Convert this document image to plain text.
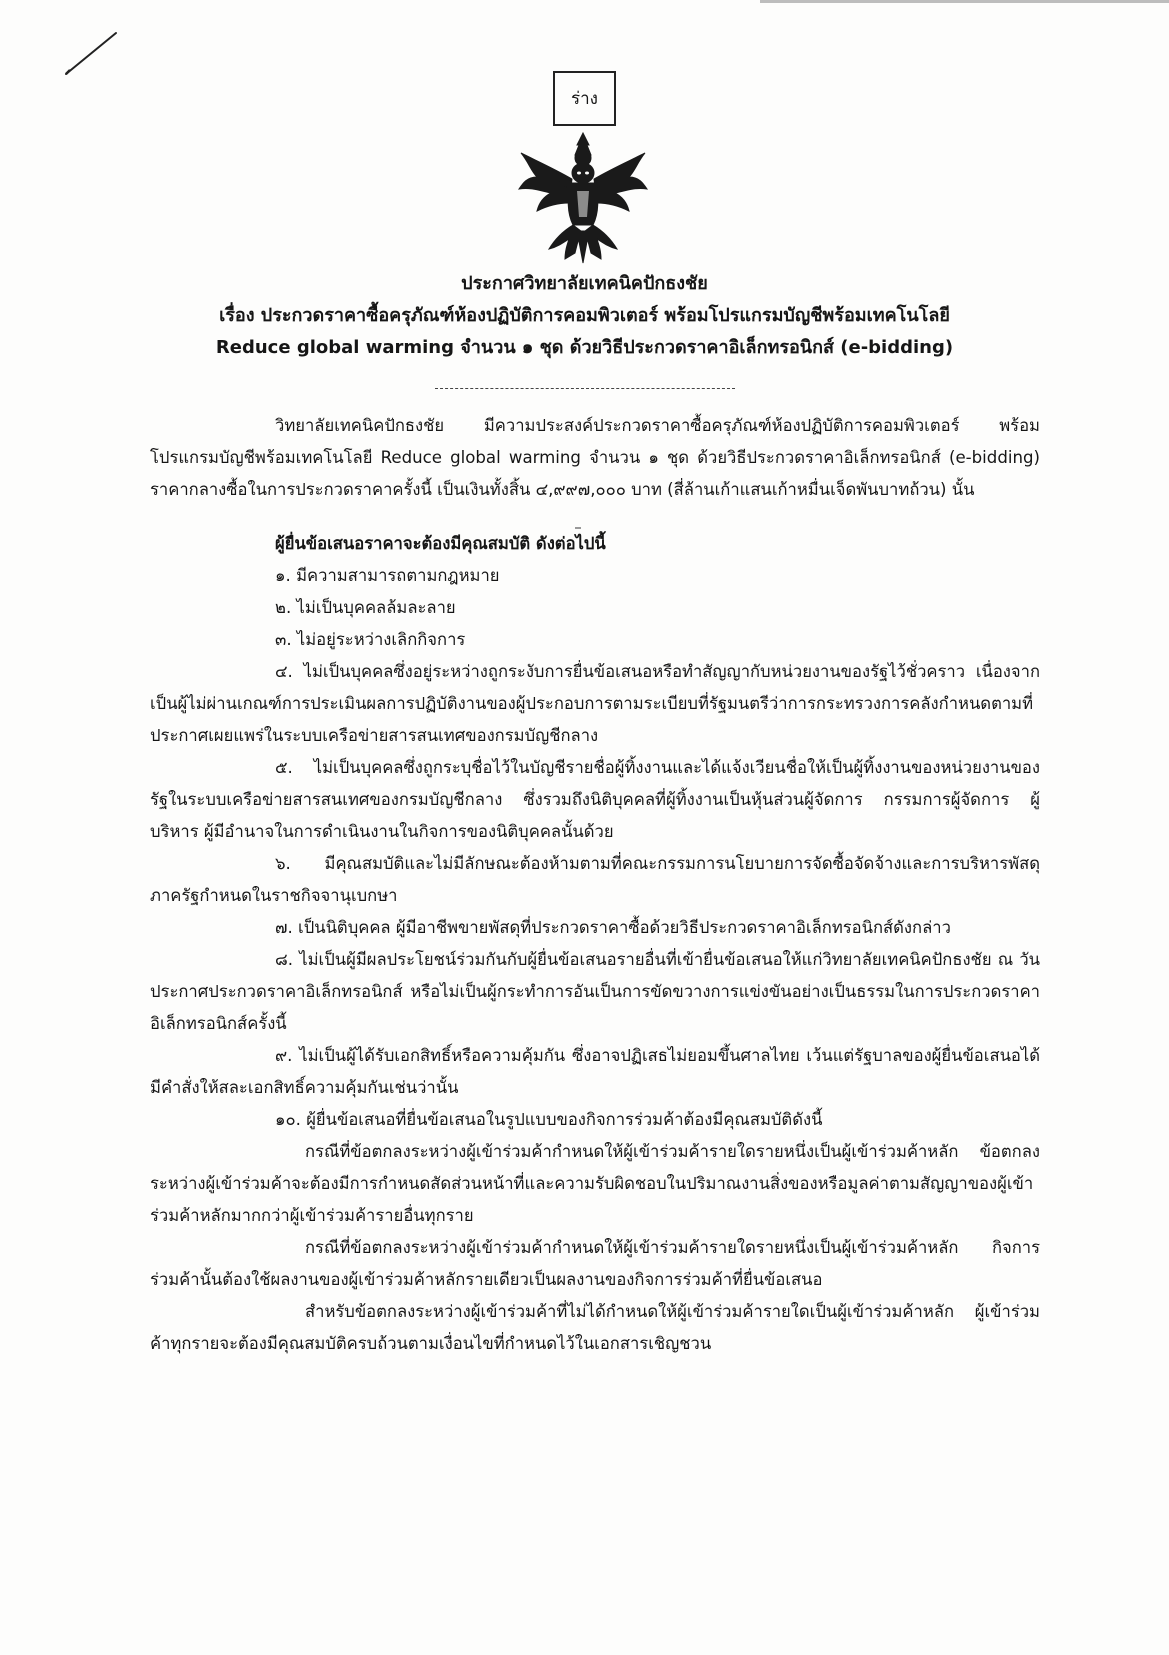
ร่าง
ประกาศวิทยาลัยเทคนิคปักธงชัย
เรื่อง ประกวดราคาซื้อครุภัณฑ์ห้องปฏิบัติการคอมพิวเตอร์ พร้อมโปรแกรมบัญชีพร้อมเทคโนโลยี
Reduce global warming จำนวน ๑ ชุด ด้วยวิธีประกวดราคาอิเล็กทรอนิกส์ (e-bidding)

วิทยาลัยเทคนิคปักธงชัย มีความประสงค์ประกวดราคาซื้อครุภัณฑ์ห้องปฏิบัติการคอมพิวเตอร์ พร้อมโปรแกรมบัญชีพร้อมเทคโนโลยี Reduce global warming จำนวน ๑ ชุด ด้วยวิธีประกวดราคาอิเล็กทรอนิกส์ (e-bidding) ราคากลางซื้อในการประกวดราคาครั้งนี้ เป็นเงินทั้งสิ้น ๔,๙๙๗,๐๐๐ บาท (สี่ล้านเก้าแสนเก้าหมื่นเจ็ดพันบาทถ้วน) นั้น

ผู้ยื่นข้อเสนอราคาจะต้องมีคุณสมบัติ ดังต่อไปนี้

๑. มีความสามารถตามกฎหมาย

๒. ไม่เป็นบุคคลล้มละลาย

๓. ไม่อยู่ระหว่างเลิกกิจการ

๔. ไม่เป็นบุคคลซึ่งอยู่ระหว่างถูกระงับการยื่นข้อเสนอหรือทำสัญญากับหน่วยงานของรัฐไว้ชั่วคราว เนื่องจากเป็นผู้ไม่ผ่านเกณฑ์การประเมินผลการปฏิบัติงานของผู้ประกอบการตามระเบียบที่รัฐมนตรีว่าการกระทรวงการคลังกำหนดตามที่ประกาศเผยแพร่ในระบบเครือข่ายสารสนเทศของกรมบัญชีกลาง

๕. ไม่เป็นบุคคลซึ่งถูกระบุชื่อไว้ในบัญชีรายชื่อผู้ทิ้งงานและได้แจ้งเวียนชื่อให้เป็นผู้ทิ้งงานของหน่วยงานของรัฐในระบบเครือข่ายสารสนเทศของกรมบัญชีกลาง ซึ่งรวมถึงนิติบุคคลที่ผู้ทิ้งงานเป็นหุ้นส่วนผู้จัดการ กรรมการผู้จัดการ ผู้บริหาร ผู้มีอำนาจในการดำเนินงานในกิจการของนิติบุคคลนั้นด้วย

๖. มีคุณสมบัติและไม่มีลักษณะต้องห้ามตามที่คณะกรรมการนโยบายการจัดซื้อจัดจ้างและการบริหารพัสดุภาครัฐกำหนดในราชกิจจานุเบกษา

๗. เป็นนิติบุคคล ผู้มีอาชีพขายพัสดุที่ประกวดราคาซื้อด้วยวิธีประกวดราคาอิเล็กทรอนิกส์ดังกล่าว

๘. ไม่เป็นผู้มีผลประโยชน์ร่วมกันกับผู้ยื่นข้อเสนอรายอื่นที่เข้ายื่นข้อเสนอให้แก่วิทยาลัยเทคนิคปักธงชัย ณ วันประกาศประกวดราคาอิเล็กทรอนิกส์ หรือไม่เป็นผู้กระทำการอันเป็นการขัดขวางการแข่งขันอย่างเป็นธรรมในการประกวดราคาอิเล็กทรอนิกส์ครั้งนี้

๙. ไม่เป็นผู้ได้รับเอกสิทธิ์หรือความคุ้มกัน ซึ่งอาจปฏิเสธไม่ยอมขึ้นศาลไทย เว้นแต่รัฐบาลของผู้ยื่นข้อเสนอได้มีคำสั่งให้สละเอกสิทธิ์ความคุ้มกันเช่นว่านั้น

๑๐. ผู้ยื่นข้อเสนอที่ยื่นข้อเสนอในรูปแบบของกิจการร่วมค้าต้องมีคุณสมบัติดังนี้

กรณีที่ข้อตกลงระหว่างผู้เข้าร่วมค้ากำหนดให้ผู้เข้าร่วมค้ารายใดรายหนึ่งเป็นผู้เข้าร่วมค้าหลัก ข้อตกลงระหว่างผู้เข้าร่วมค้าจะต้องมีการกำหนดสัดส่วนหน้าที่และความรับผิดชอบในปริมาณงานสิ่งของหรือมูลค่าตามสัญญาของผู้เข้าร่วมค้าหลักมากกว่าผู้เข้าร่วมค้ารายอื่นทุกราย

กรณีที่ข้อตกลงระหว่างผู้เข้าร่วมค้ากำหนดให้ผู้เข้าร่วมค้ารายใดรายหนึ่งเป็นผู้เข้าร่วมค้าหลัก กิจการร่วมค้านั้นต้องใช้ผลงานของผู้เข้าร่วมค้าหลักรายเดียวเป็นผลงานของกิจการร่วมค้าที่ยื่นข้อเสนอ

สำหรับข้อตกลงระหว่างผู้เข้าร่วมค้าที่ไม่ได้กำหนดให้ผู้เข้าร่วมค้ารายใดเป็นผู้เข้าร่วมค้าหลัก ผู้เข้าร่วมค้าทุกรายจะต้องมีคุณสมบัติครบถ้วนตามเงื่อนไขที่กำหนดไว้ในเอกสารเชิญชวน
